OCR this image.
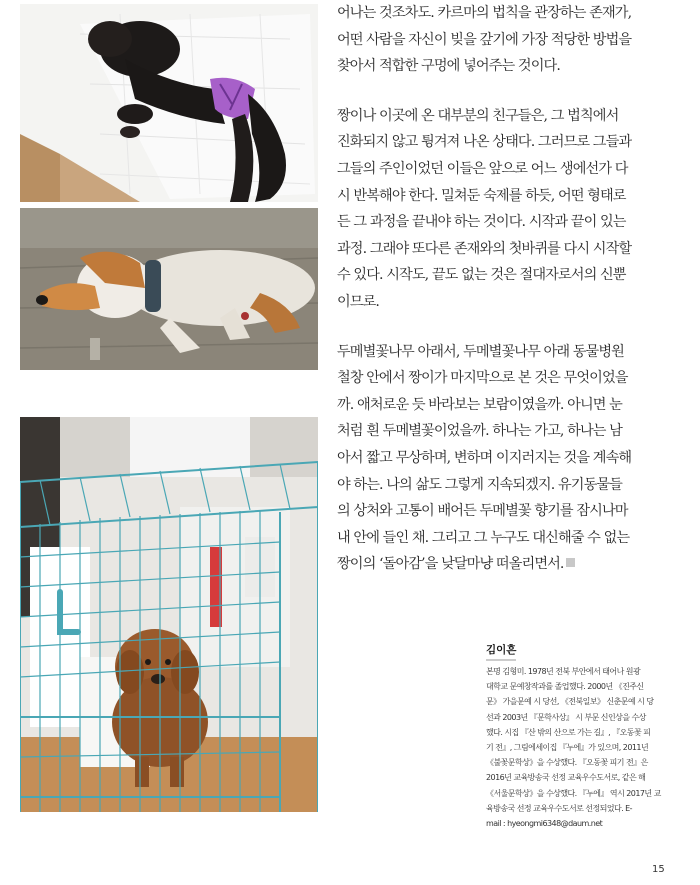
어나는 것조차도. 카르마의 법칙을 관장하는 존재가,
어떤 사람을 자신이 빚을 갚기에 가장 적당한 방법을
찾아서 적합한 구멍에 넣어주는 것이다.

짱이나 이곳에 온 대부분의 친구들은, 그 법칙에서
진화되지 않고 튕겨져 나온 상태다. 그러므로 그들과
그들의 주인이었던 이들은 앞으로 어느 생에선가 다
시 반복해야 한다. 밀쳐둔 숙제를 하듯, 어떤 형태로
든 그 과정을 끝내야 하는 것이다. 시작과 끝이 있는
과정. 그래야 또다른 존재와의 첫바퀴를 다시 시작할
수 있다. 시작도, 끝도 없는 것은 절대자로서의 신뿐
이므로.

두메별꽃나무 아래서, 두메별꽃나무 아래 동물병원
철창 안에서 짱이가 마지막으로 본 것은 무엇이었을
까. 애처로운 듯 바라보는 보람이였을까. 아니면 눈
처럼 흰 두메별꽃이었을까. 하나는 가고, 하나는 남
아서 짧고 무상하며, 변하며 이지러지는 것을 계속해
야 하는. 나의 삶도 그렇게 지속되겠지. 유기동물들
의 상처와 고통이 배어든 두메별꽃 향기를 잠시나마
내 안에 들인 채. 그리고 그 누구도 대신해줄 수 없는
짱이의 ‘돌아감’을 낮달마냥 떠올리면서.

김이흔
본명 김형미. 1978년 전북 부안에서 태어나 원광
대학교 문예창작과를 졸업했다. 2000년 《진주신
문》 가을문예 시 당선, 《전북일보》 신춘문예 시 당
선과 2003년 『문학사상』 시 부문 신인상을 수상
했다. 시집 『산 밖의 산으로 가는 길』, 『오동꽃 피
기 전』, 그림에세이집 『누에』가 있으며, 2011년
《불꽃문학상》을 수상했다. 『오동꽃 피기 전』은
2016년 교육방송국 선정 교육우수도서로, 같은 해
《서울문학상》을 수상했다. 『누에』 역시 2017년 교
육방송국 선정 교육우수도서로 선정되었다. E-
mail : hyeongmi6348@daum.net
15
